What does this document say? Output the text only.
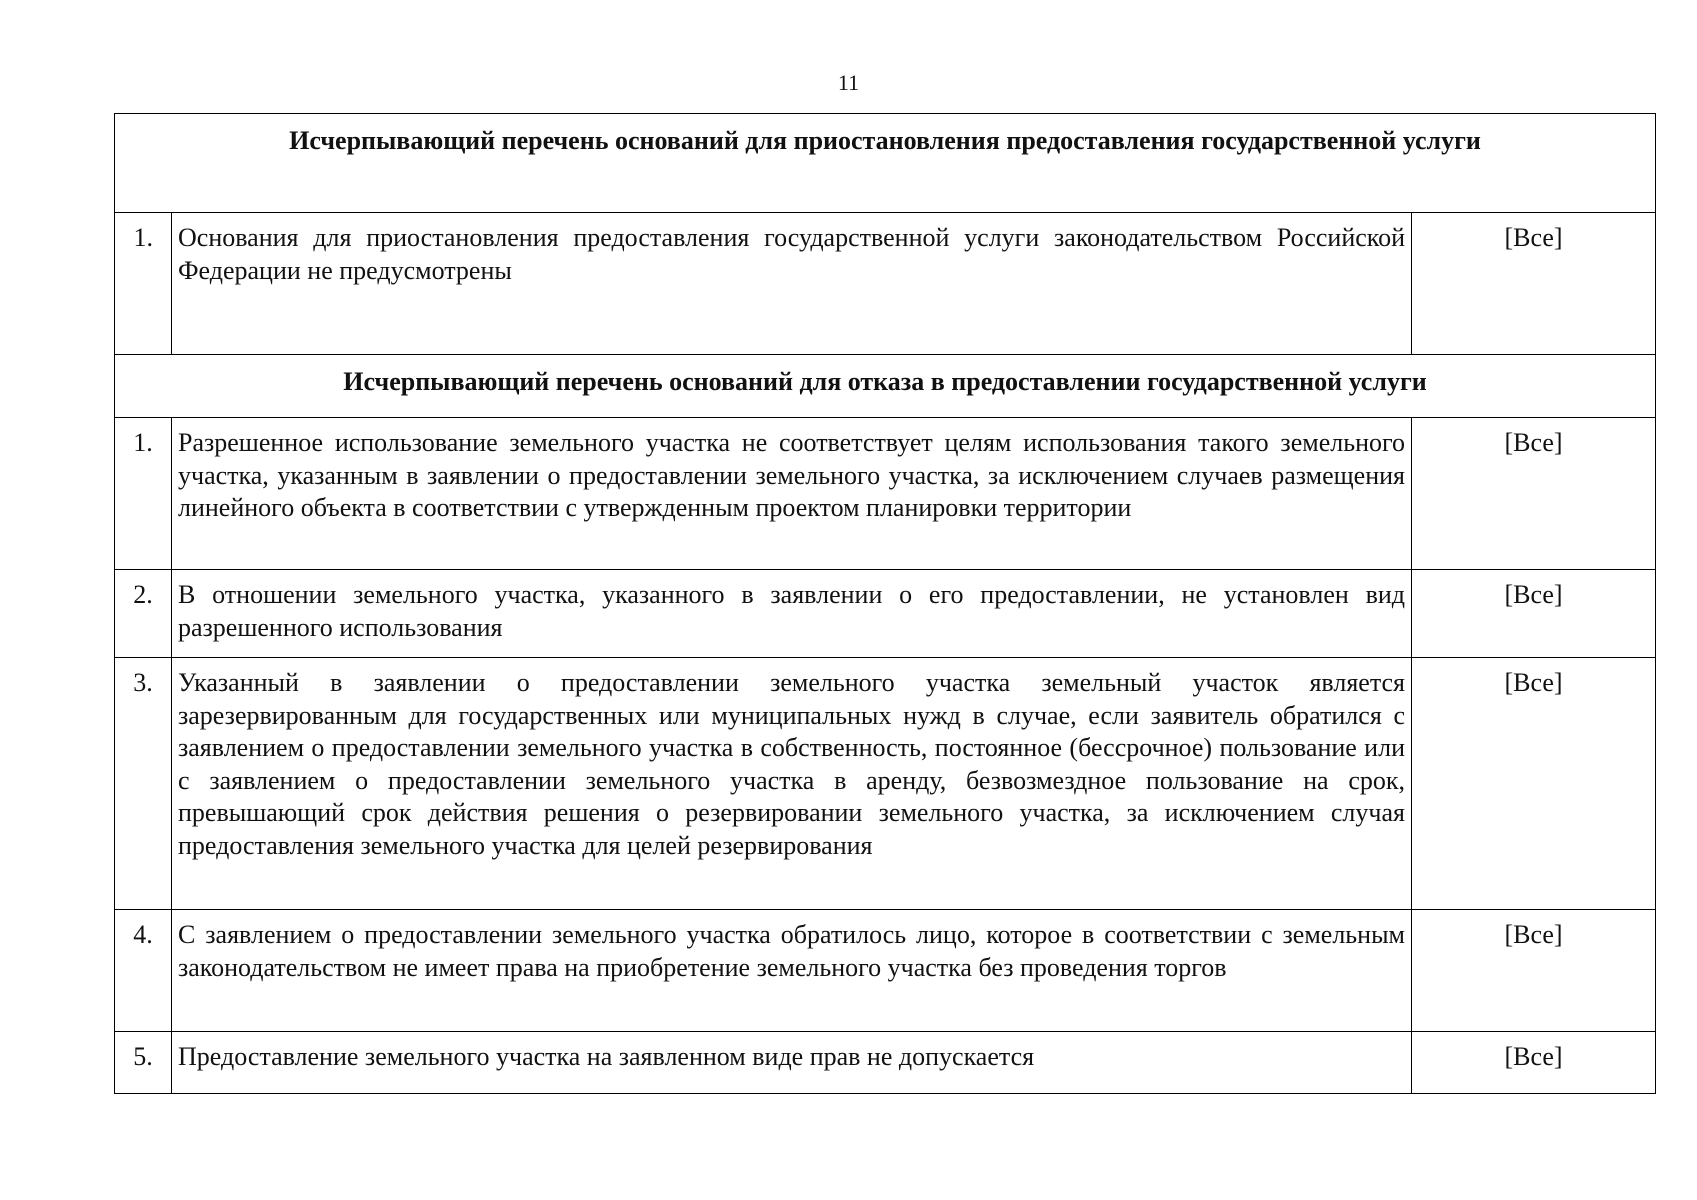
11
Исчерпывающий перечень оснований для приостановления предоставления государственной услуги		
1.	Основания для приостановления предоставления государственной услуги законодательством Российской Федерации не предусмотрены	[Все]
Исчерпывающий перечень оснований для отказа в предоставлении государственной услуги		
1.	Разрешенное использование земельного участка не соответствует целям использования такого земельного участка, указанным в заявлении о предоставлении земельного участка, за исключением случаев размещения линейного объекта в соответствии с утвержденным проектом планировки территории	[Все]
2.	В отношении земельного участка, указанного в заявлении о его предоставлении, не установлен вид разрешенного использования	[Все]
3.	Указанный в заявлении о предоставлении земельного участка земельный участок является зарезервированным для государственных или муниципальных нужд в случае, если заявитель обратился с заявлением о предоставлении земельного участка в собственность, постоянное (бессрочное) пользование или с заявлением о предоставлении земельного участка в аренду, безвозмездное пользование на срок, превышающий срок действия решения о резервировании земельного участка, за исключением случая предоставления земельного участка для целей резервирования	[Все]
4.	С заявлением о предоставлении земельного участка обратилось лицо, которое в соответствии с земельным законодательством не имеет права на приобретение земельного участка без проведения торгов	[Все]
5.	Предоставление земельного участка на заявленном виде прав не допускается	[Все]
